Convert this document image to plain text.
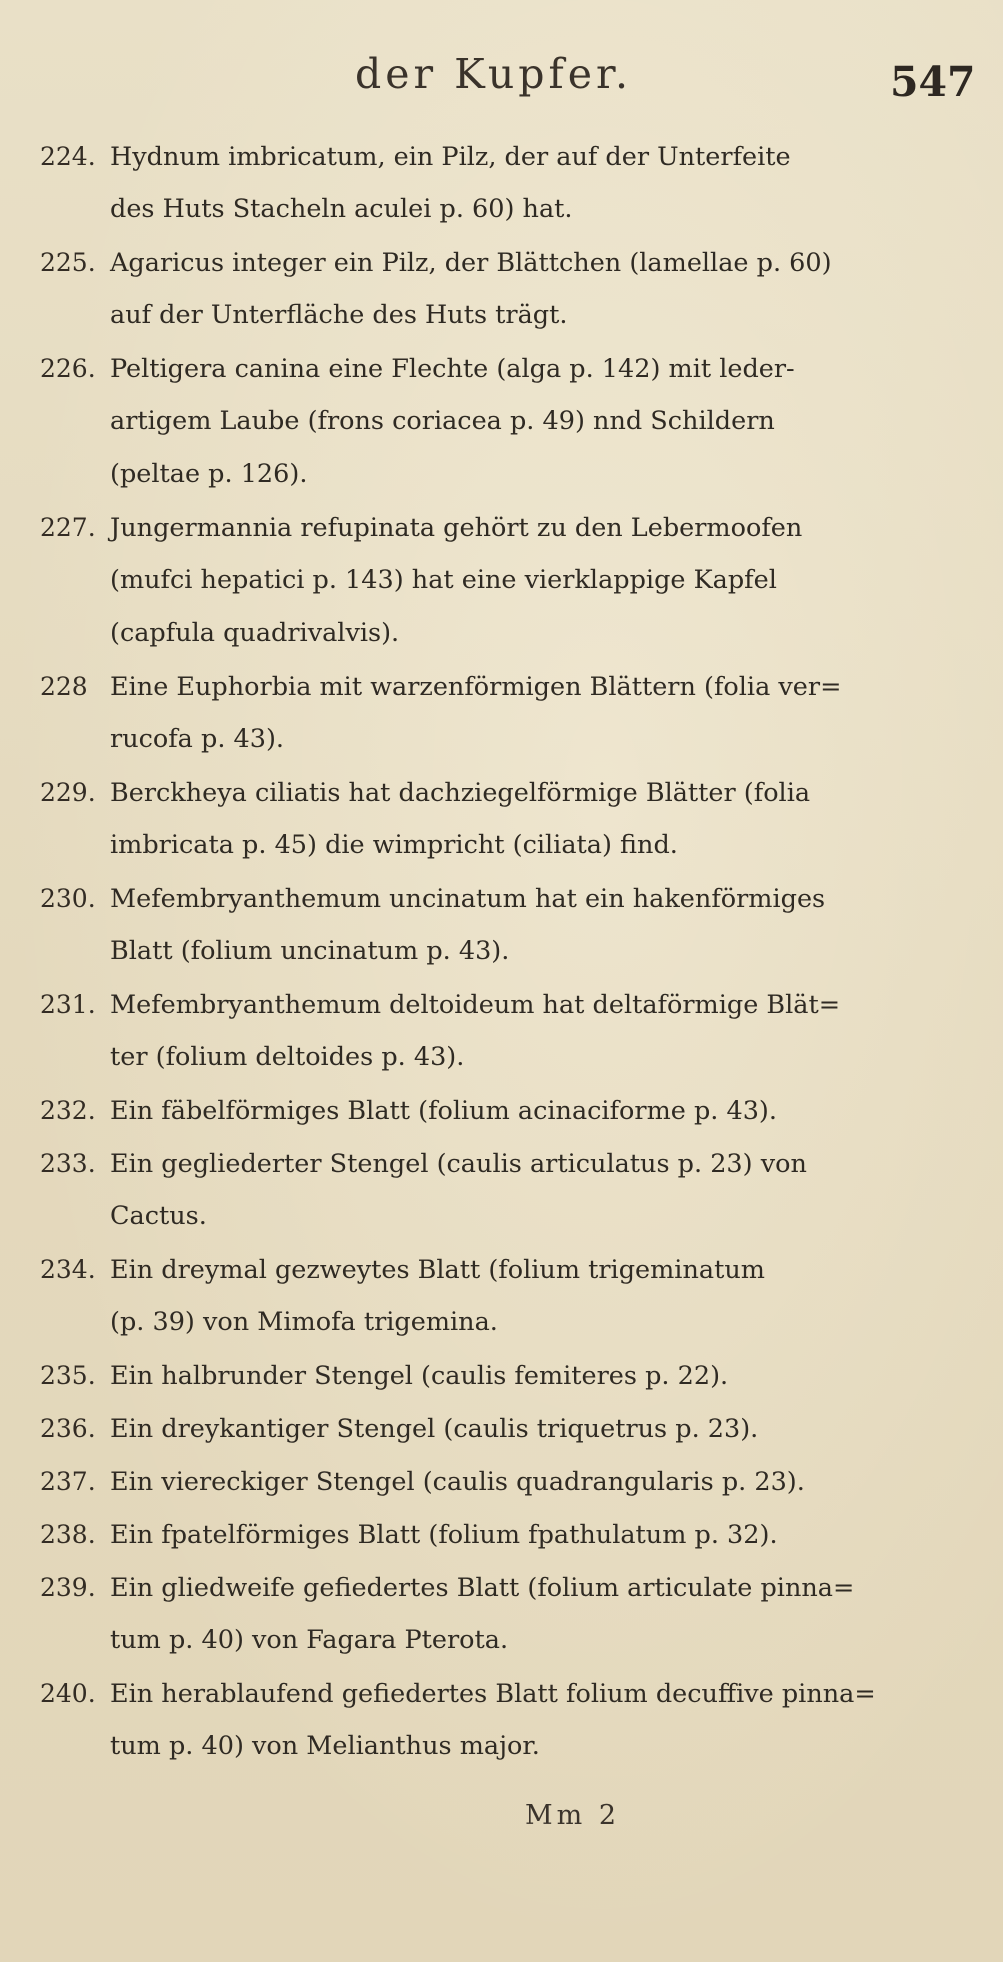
der Kupfer.	547
224. Hydnum imbricatum, ein Pilz, der auf der Unterfeite
des Huts Stacheln aculei p. 60) hat.
225. Agaricus integer ein Pilz, der Blättchen (lamellae p. 60)
auf der Unterfläche des Huts trägt.
226. Peltigera canina eine Flechte (alga p. 142) mit leder-
artigem Laube (frons coriacea p. 49) nnd Schildern
(peltae p. 126).
227. Jungermannia refupinata gehört zu den Lebermoofen
(mufci hepatici p. 143) hat eine vierklappige Kapfel
(capfula quadrivalvis).
228 Eine Euphorbia mit warzenförmigen Blättern (folia ver=
rucofa p. 43).
229. Berckheya ciliatis hat dachziegelförmige Blätter (folia
imbricata p. 45) die wimpricht (ciliata) find.
230. Mefembryanthemum uncinatum hat ein hakenförmiges
Blatt (folium uncinatum p. 43).
231. Mefembryanthemum deltoideum hat deltaförmige Blät=
ter (folium deltoides p. 43).
232. Ein fäbelförmiges Blatt (folium acinaciforme p. 43).
233. Ein gegliederter Stengel (caulis articulatus p. 23) von
Cactus.
234. Ein dreymal gezweytes Blatt (folium trigeminatum
(p. 39) von Mimofa trigemina.
235. Ein halbrunder Stengel (caulis femiteres p. 22).
236. Ein dreykantiger Stengel (caulis triquetrus p. 23).
237. Ein viereckiger Stengel (caulis quadrangularis p. 23).
238. Ein fpatelförmiges Blatt (folium fpathulatum p. 32).
239. Ein gliedweife gefiedertes Blatt (folium articulate pinna=
tum p. 40) von Fagara Pterota.
240. Ein herablaufend gefiedertes Blatt folium decuffive pinna=
tum p. 40) von Melianthus major.
Mm 2
